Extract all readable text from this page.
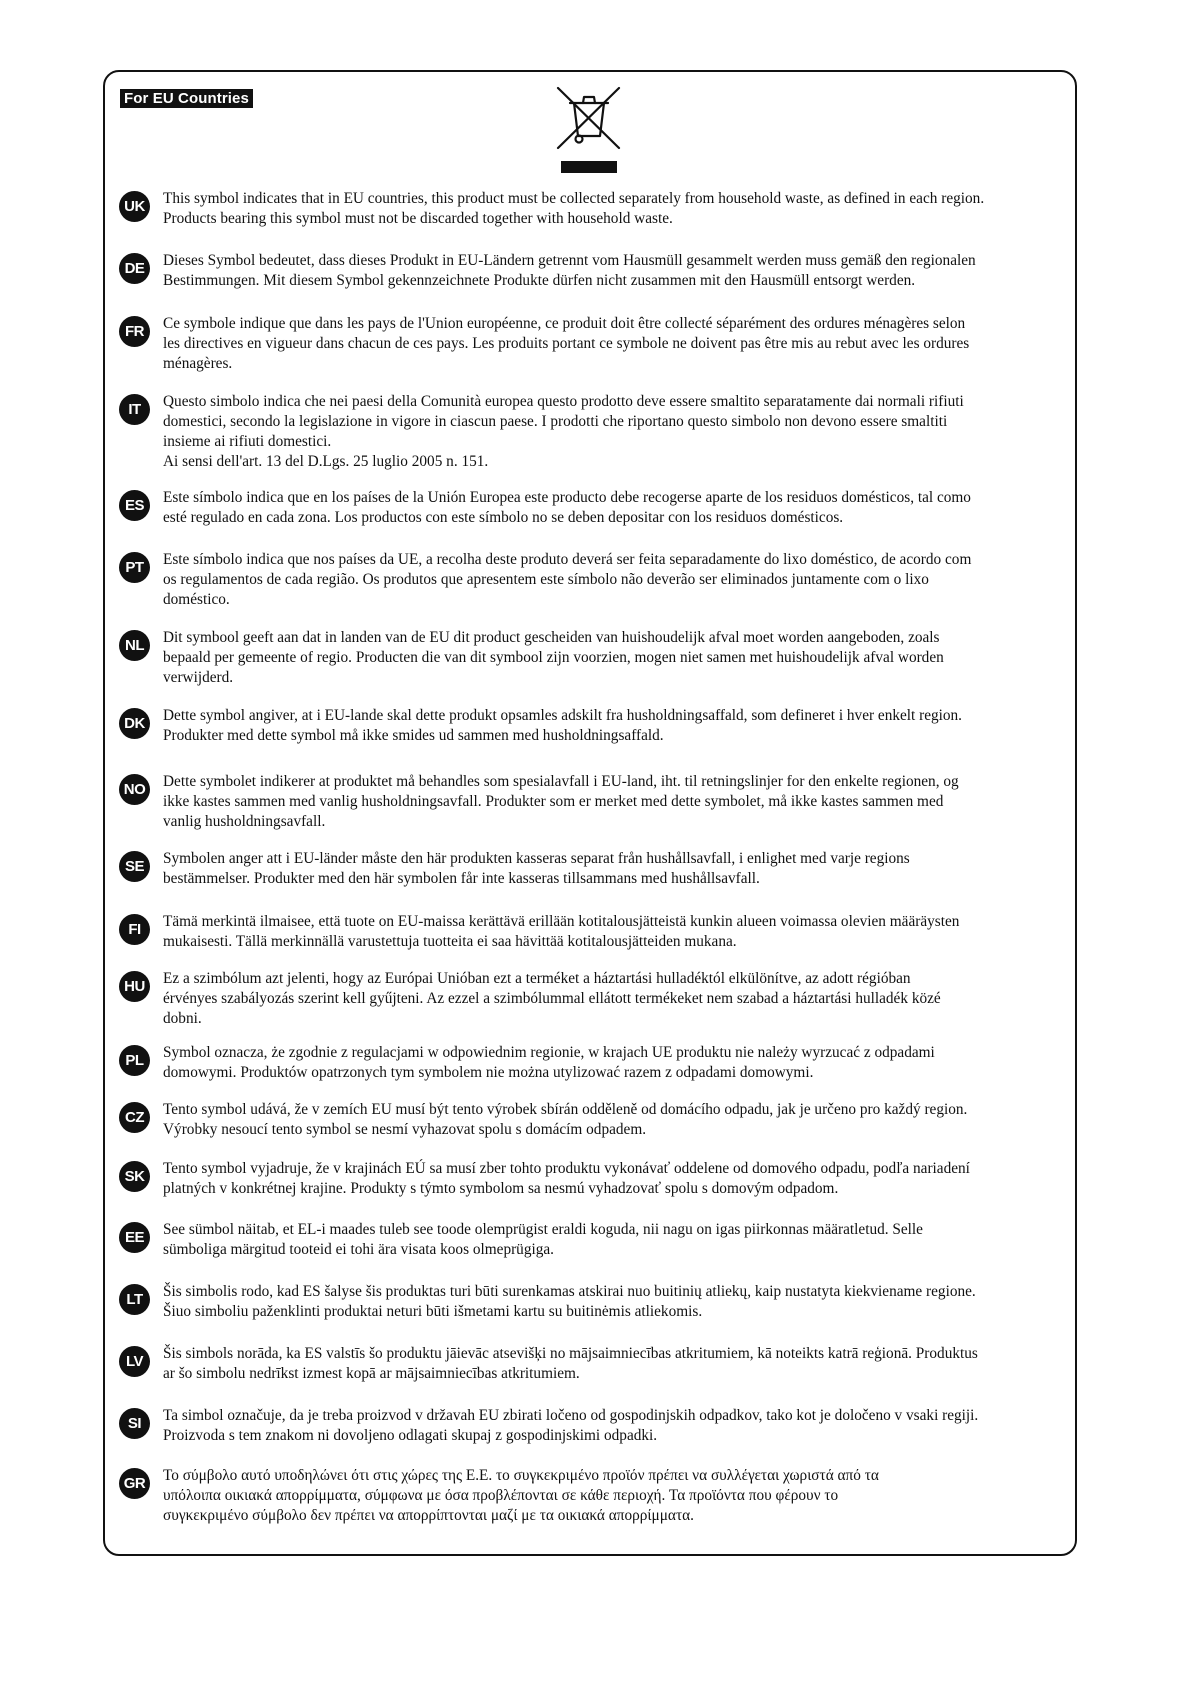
For EU Countries
UK	This symbol indicates that in EU countries, this product must be collected separately from household waste, as defined in each region.

Products bearing this symbol must not be discarded together with household waste.

DE	Dieses Symbol bedeutet, dass dieses Produkt in EU-Ländern getrennt vom Hausmüll gesammelt werden muss gemäß den regionalen

Bestimmungen. Mit diesem Symbol gekennzeichnete Produkte dürfen nicht zusammen mit den Hausmüll entsorgt werden.

FR	Ce symbole indique que dans les pays de l'Union européenne, ce produit doit être collecté séparément des ordures ménagères selon

les directives en vigueur dans chacun de ces pays. Les produits portant ce symbole ne doivent pas être mis au rebut avec les ordures

ménagères.

IT	Questo simbolo indica che nei paesi della Comunità europea questo prodotto deve essere smaltito separatamente dai normali rifiuti

domestici, secondo la legislazione in vigore in ciascun paese. I prodotti che riportano questo simbolo non devono essere smaltiti

insieme ai rifiuti domestici.

Ai sensi dell'art. 13 del D.Lgs. 25 luglio 2005 n. 151.

ES	Este símbolo indica que en los países de la Unión Europea este producto debe recogerse aparte de los residuos domésticos, tal como

esté regulado en cada zona. Los productos con este símbolo no se deben depositar con los residuos domésticos.

PT	Este símbolo indica que nos países da UE, a recolha deste produto deverá ser feita separadamente do lixo doméstico, de acordo com

os regulamentos de cada região. Os produtos que apresentem este símbolo não deverão ser eliminados juntamente com o lixo

doméstico.

NL	Dit symbool geeft aan dat in landen van de EU dit product gescheiden van huishoudelijk afval moet worden aangeboden, zoals

bepaald per gemeente of regio. Producten die van dit symbool zijn voorzien, mogen niet samen met huishoudelijk afval worden

verwijderd.

DK	Dette symbol angiver, at i EU-lande skal dette produkt opsamles adskilt fra husholdningsaffald, som defineret i hver enkelt region.

Produkter med dette symbol må ikke smides ud sammen med husholdningsaffald.

NO	Dette symbolet indikerer at produktet må behandles som spesialavfall i EU-land, iht. til retningslinjer for den enkelte regionen, og

ikke kastes sammen med vanlig husholdningsavfall. Produkter som er merket med dette symbolet, må ikke kastes sammen med

vanlig husholdningsavfall.

SE	Symbolen anger att i EU-länder måste den här produkten kasseras separat från hushållsavfall, i enlighet med varje regions

bestämmelser. Produkter med den här symbolen får inte kasseras tillsammans med hushållsavfall.

FI	Tämä merkintä ilmaisee, että tuote on EU-maissa kerättävä erillään kotitalousjätteistä kunkin alueen voimassa olevien määräysten

mukaisesti. Tällä merkinnällä varustettuja tuotteita ei saa hävittää kotitalousjätteiden mukana.

HU	Ez a szimbólum azt jelenti, hogy az Európai Unióban ezt a terméket a háztartási hulladéktól elkülönítve, az adott régióban

érvényes szabályozás szerint kell gyűjteni. Az ezzel a szimbólummal ellátott termékeket nem szabad a háztartási hulladék közé

dobni.

PL	Symbol oznacza, że zgodnie z regulacjami w odpowiednim regionie, w krajach UE produktu nie należy wyrzucać z odpadami

domowymi. Produktów opatrzonych tym symbolem nie można utylizować razem z odpadami domowymi.

CZ	Tento symbol udává, že v zemích EU musí být tento výrobek sbírán odděleně od domácího odpadu, jak je určeno pro každý region.

Výrobky nesoucí tento symbol se nesmí vyhazovat spolu s domácím odpadem.

SK	Tento symbol vyjadruje, že v krajinách EÚ sa musí zber tohto produktu vykonávať oddelene od domového odpadu, podľa nariadení

platných v konkrétnej krajine. Produkty s týmto symbolom sa nesmú vyhadzovať spolu s domovým odpadom.

EE	See sümbol näitab, et EL-i maades tuleb see toode olemprügist eraldi koguda, nii nagu on igas piirkonnas määratletud. Selle

sümboliga märgitud tooteid ei tohi ära visata koos olmeprügiga.

LT	Šis simbolis rodo, kad ES šalyse šis produktas turi būti surenkamas atskirai nuo buitinių atliekų, kaip nustatyta kiekviename regione.

Šiuo simboliu paženklinti produktai neturi būti išmetami kartu su buitinėmis atliekomis.

LV	Šis simbols norāda, ka ES valstīs šo produktu jāievāc atsevišķi no mājsaimniecības atkritumiem, kā noteikts katrā reģionā. Produktus

ar šo simbolu nedrīkst izmest kopā ar mājsaimniecības atkritumiem.

SI	Ta simbol označuje, da je treba proizvod v državah EU zbirati ločeno od gospodinjskih odpadkov, tako kot je določeno v vsaki regiji.

Proizvoda s tem znakom ni dovoljeno odlagati skupaj z gospodinjskimi odpadki.

GR	Το σύμβολο αυτό υποδηλώνει ότι στις χώρες της Ε.Ε. το συγκεκριμένο προϊόν πρέπει να συλλέγεται χωριστά από τα

υπόλοιπα οικιακά απορρίμματα, σύμφωνα με όσα προβλέπονται σε κάθε περιοχή. Τα προϊόντα που φέρουν το

συγκεκριμένο σύμβολο δεν πρέπει να απορρίπτονται μαζί με τα οικιακά απορρίμματα.
